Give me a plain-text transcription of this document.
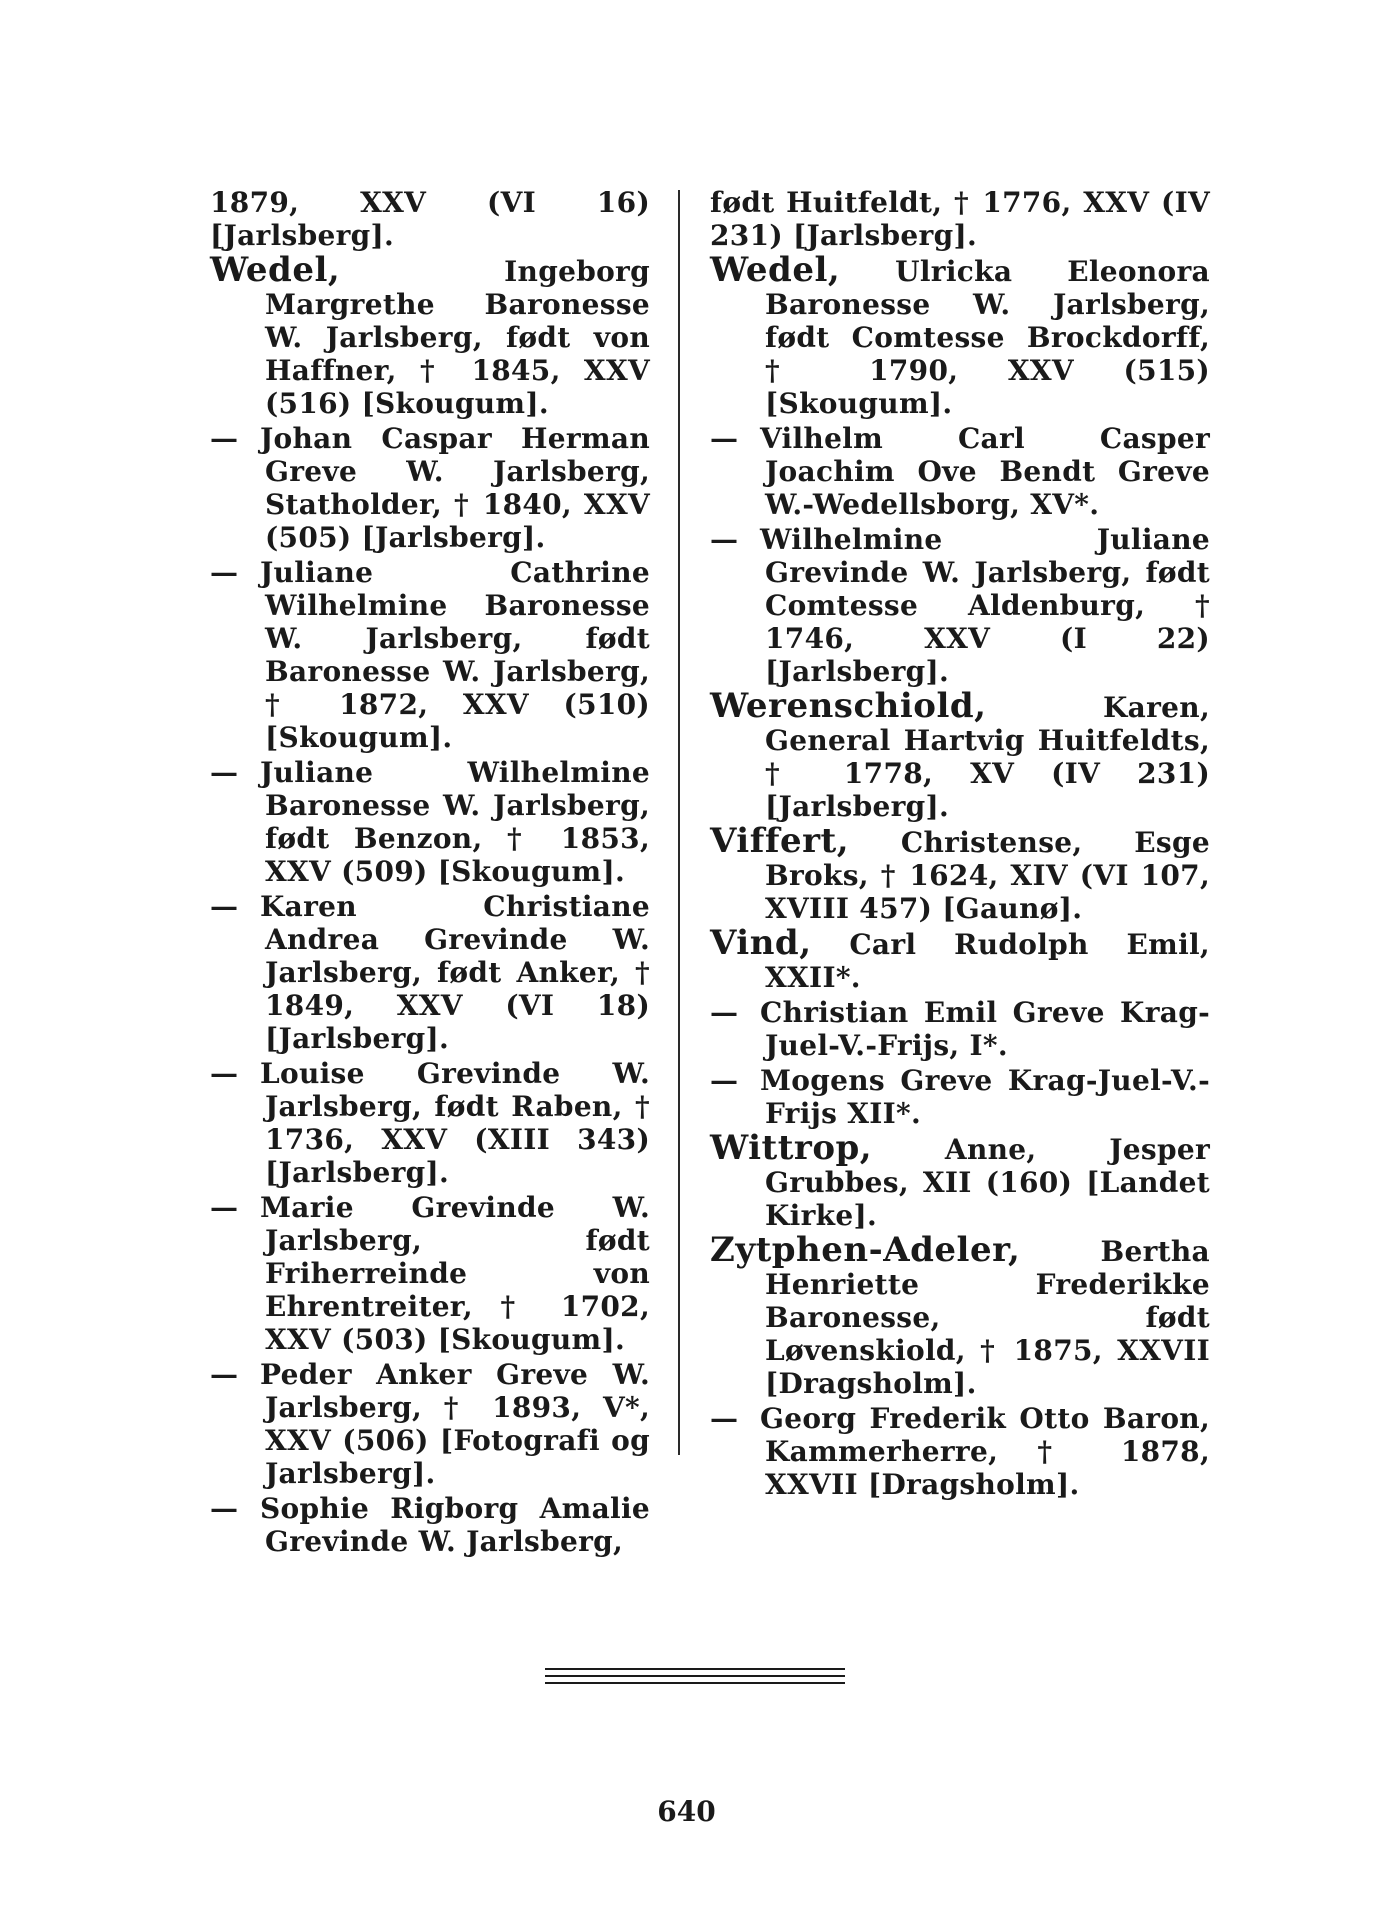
1879, XXV (VI 16) [Jarlsberg].
Wedel, Ingeborg Margrethe Baronesse W. Jarlsberg, født von Haffner, † 1845, XXV (516) [Skougum].
— Johan Caspar Herman Greve W. Jarlsberg, Statholder, † 1840, XXV (505) [Jarlsberg].
— Juliane Cathrine Wilhelmine Baronesse W. Jarlsberg, født Baronesse W. Jarlsberg, † 1872, XXV (510) [Skougum].
— Juliane Wilhelmine Baronesse W. Jarlsberg, født Benzon, † 1853, XXV (509) [Skougum].
— Karen Christiane Andrea Grevinde W. Jarlsberg, født Anker, † 1849, XXV (VI 18) [Jarlsberg].
— Louise Grevinde W. Jarlsberg, født Raben, † 1736, XXV (XIII 343) [Jarlsberg].
— Marie Grevinde W. Jarlsberg, født Friherreinde von Ehrentreiter, † 1702, XXV (503) [Skougum].
— Peder Anker Greve W. Jarlsberg, † 1893, V*, XXV (506) [Fotografi og Jarlsberg].
— Sophie Rigborg Amalie Grevinde W. Jarlsberg,
født Huitfeldt, † 1776, XXV (IV 231) [Jarlsberg].
Wedel, Ulricka Eleonora Baronesse W. Jarlsberg, født Comtesse Brockdorff, † 1790, XXV (515) [Skougum].
— Vilhelm Carl Casper Joachim Ove Bendt Greve W.-Wedellsborg, XV*.
— Wilhelmine Juliane Grevinde W. Jarlsberg, født Comtesse Aldenburg, † 1746, XXV (I 22) [Jarlsberg].
Werenschiold, Karen, General Hartvig Huitfeldts, † 1778, XV (IV 231) [Jarlsberg].
Viffert, Christense, Esge Broks, † 1624, XIV (VI 107, XVIII 457) [Gaunø].
Vind, Carl Rudolph Emil, XXII*.
— Christian Emil Greve Krag-Juel-V.-Frijs, I*.
— Mogens Greve Krag-Juel-V.-Frijs XII*.
Wittrop, Anne, Jesper Grubbes, XII (160) [Landet Kirke].
Zytphen-Adeler, Bertha Henriette Frederikke Baronesse, født Løvenskiold, † 1875, XXVII [Dragsholm].
— Georg Frederik Otto Baron, Kammerherre, † 1878, XXVII [Dragsholm].
640
